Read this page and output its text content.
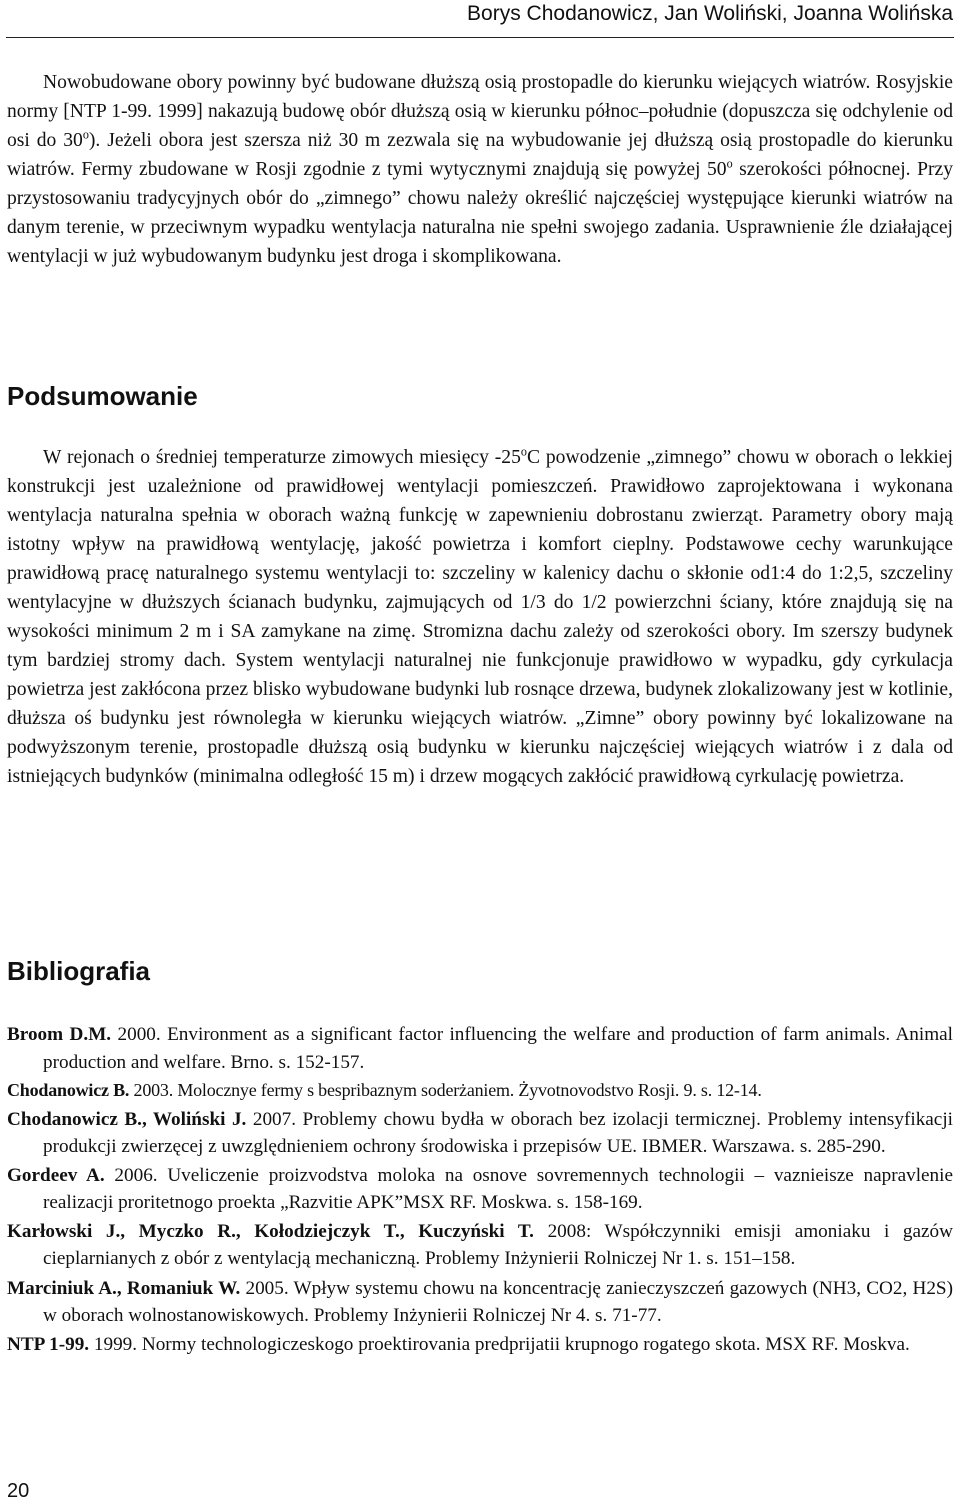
Borys Chodanowicz, Jan Woliński, Joanna Wolińska

Nowobudowane obory powinny być budowane dłuższą osią prostopadle do kierunku wiejących wiatrów. Rosyjskie normy [NTP 1-99. 1999] nakazują budowę obór dłuższą osią w kierunku północ–południe (dopuszcza się odchylenie od osi do 30$^o$). Jeżeli obora jest szersza niż 30 m zezwala się na wybudowanie jej dłuższą osią prostopadle do kierunku wiatrów. Fermy zbudowane w Rosji zgodnie z tymi wytycznymi znajdują się powyżej 50$^o$ szerokości północnej. Przy przystosowaniu tradycyjnych obór do „zimnego” chowu należy określić najczęściej występujące kierunki wiatrów na danym terenie, w przeciwnym wypadku wentylacja naturalna nie spełni swojego zadania. Usprawnienie źle działającej wentylacji w już wybudowanym budynku jest droga i skomplikowana.

Podsumowanie

W rejonach o średniej temperaturze zimowych miesięcy -25$^o$C powodzenie „zimnego” chowu w oborach o lekkiej konstrukcji jest uzależnione od prawidłowej wentylacji pomieszczeń. Prawidłowo zaprojektowana i wykonana wentylacja naturalna spełnia w oborach ważną funkcję w zapewnieniu dobrostanu zwierząt. Parametry obory mają istotny wpływ na prawidłową wentylację, jakość powietrza i komfort cieplny. Podstawowe cechy warunkujące prawidłową pracę naturalnego systemu wentylacji to: szczeliny w kalenicy dachu o skłonie od1:4 do 1:2,5, szczeliny wentylacyjne w dłuższych ścianach budynku, zajmujących od 1/3 do 1/2 powierzchni ściany, które znajdują się na wysokości minimum 2 m i SA zamykane na zimę. Stromizna dachu zależy od szerokości obory. Im szerszy budynek tym bardziej stromy dach. System wentylacji naturalnej nie funkcjonuje prawidłowo w wypadku, gdy cyrkulacja powietrza jest zakłócona przez blisko wybudowane budynki lub rosnące drzewa, budynek zlokalizowany jest w kotlinie, dłuższa oś budynku jest równoległa w kierunku wiejących wiatrów. „Zimne” obory powinny być lokalizowane na podwyższonym terenie, prostopadle dłuższą osią budynku w kierunku najczęściej wiejących wiatrów i z dala od istniejących budynków (minimalna odległość 15 m) i drzew mogących zakłócić prawidłową cyrkulację powietrza.

Bibliografia

Broom D.M. 2000. Environment as a significant factor influencing the welfare and production of farm animals. Animal production and welfare. Brno. s. 152-157.

Chodanowicz B. 2003. Molocznye fermy s bespribaznym soderżaniem. Żyvotnovodstvo Rosji. 9. s. 12-14.

Chodanowicz B., Woliński J. 2007. Problemy chowu bydła w oborach bez izolacji termicznej. Problemy intensyfikacji produkcji zwierzęcej z uwzględnieniem ochrony środowiska i przepisów UE. IBMER. Warszawa. s. 285-290.

Gordeev A. 2006. Uveliczenie proizvodstva moloka na osnove sovremennych technologii – vaznieisze napravlenie realizacji proritetnogo proekta „Razvitie APK”MSX RF. Moskwa. s. 158-169.

Karłowski J., Myczko R., Kołodziejczyk T., Kuczyński T. 2008: Współczynniki emisji amoniaku i gazów cieplarnianych z obór z wentylacją mechaniczną. Problemy Inżynierii Rolniczej Nr 1. s. 151–158.

Marciniuk A., Romaniuk W. 2005. Wpływ systemu chowu na koncentrację zanieczyszczeń gazowych (NH3, CO2, H2S) w oborach wolnostanowiskowych. Problemy Inżynierii Rolniczej Nr 4. s. 71-77.

NTP 1-99. 1999. Normy technologiczeskogo proektirovania predprijatii krupnogo rogatego skota. MSX RF. Moskva.

20
